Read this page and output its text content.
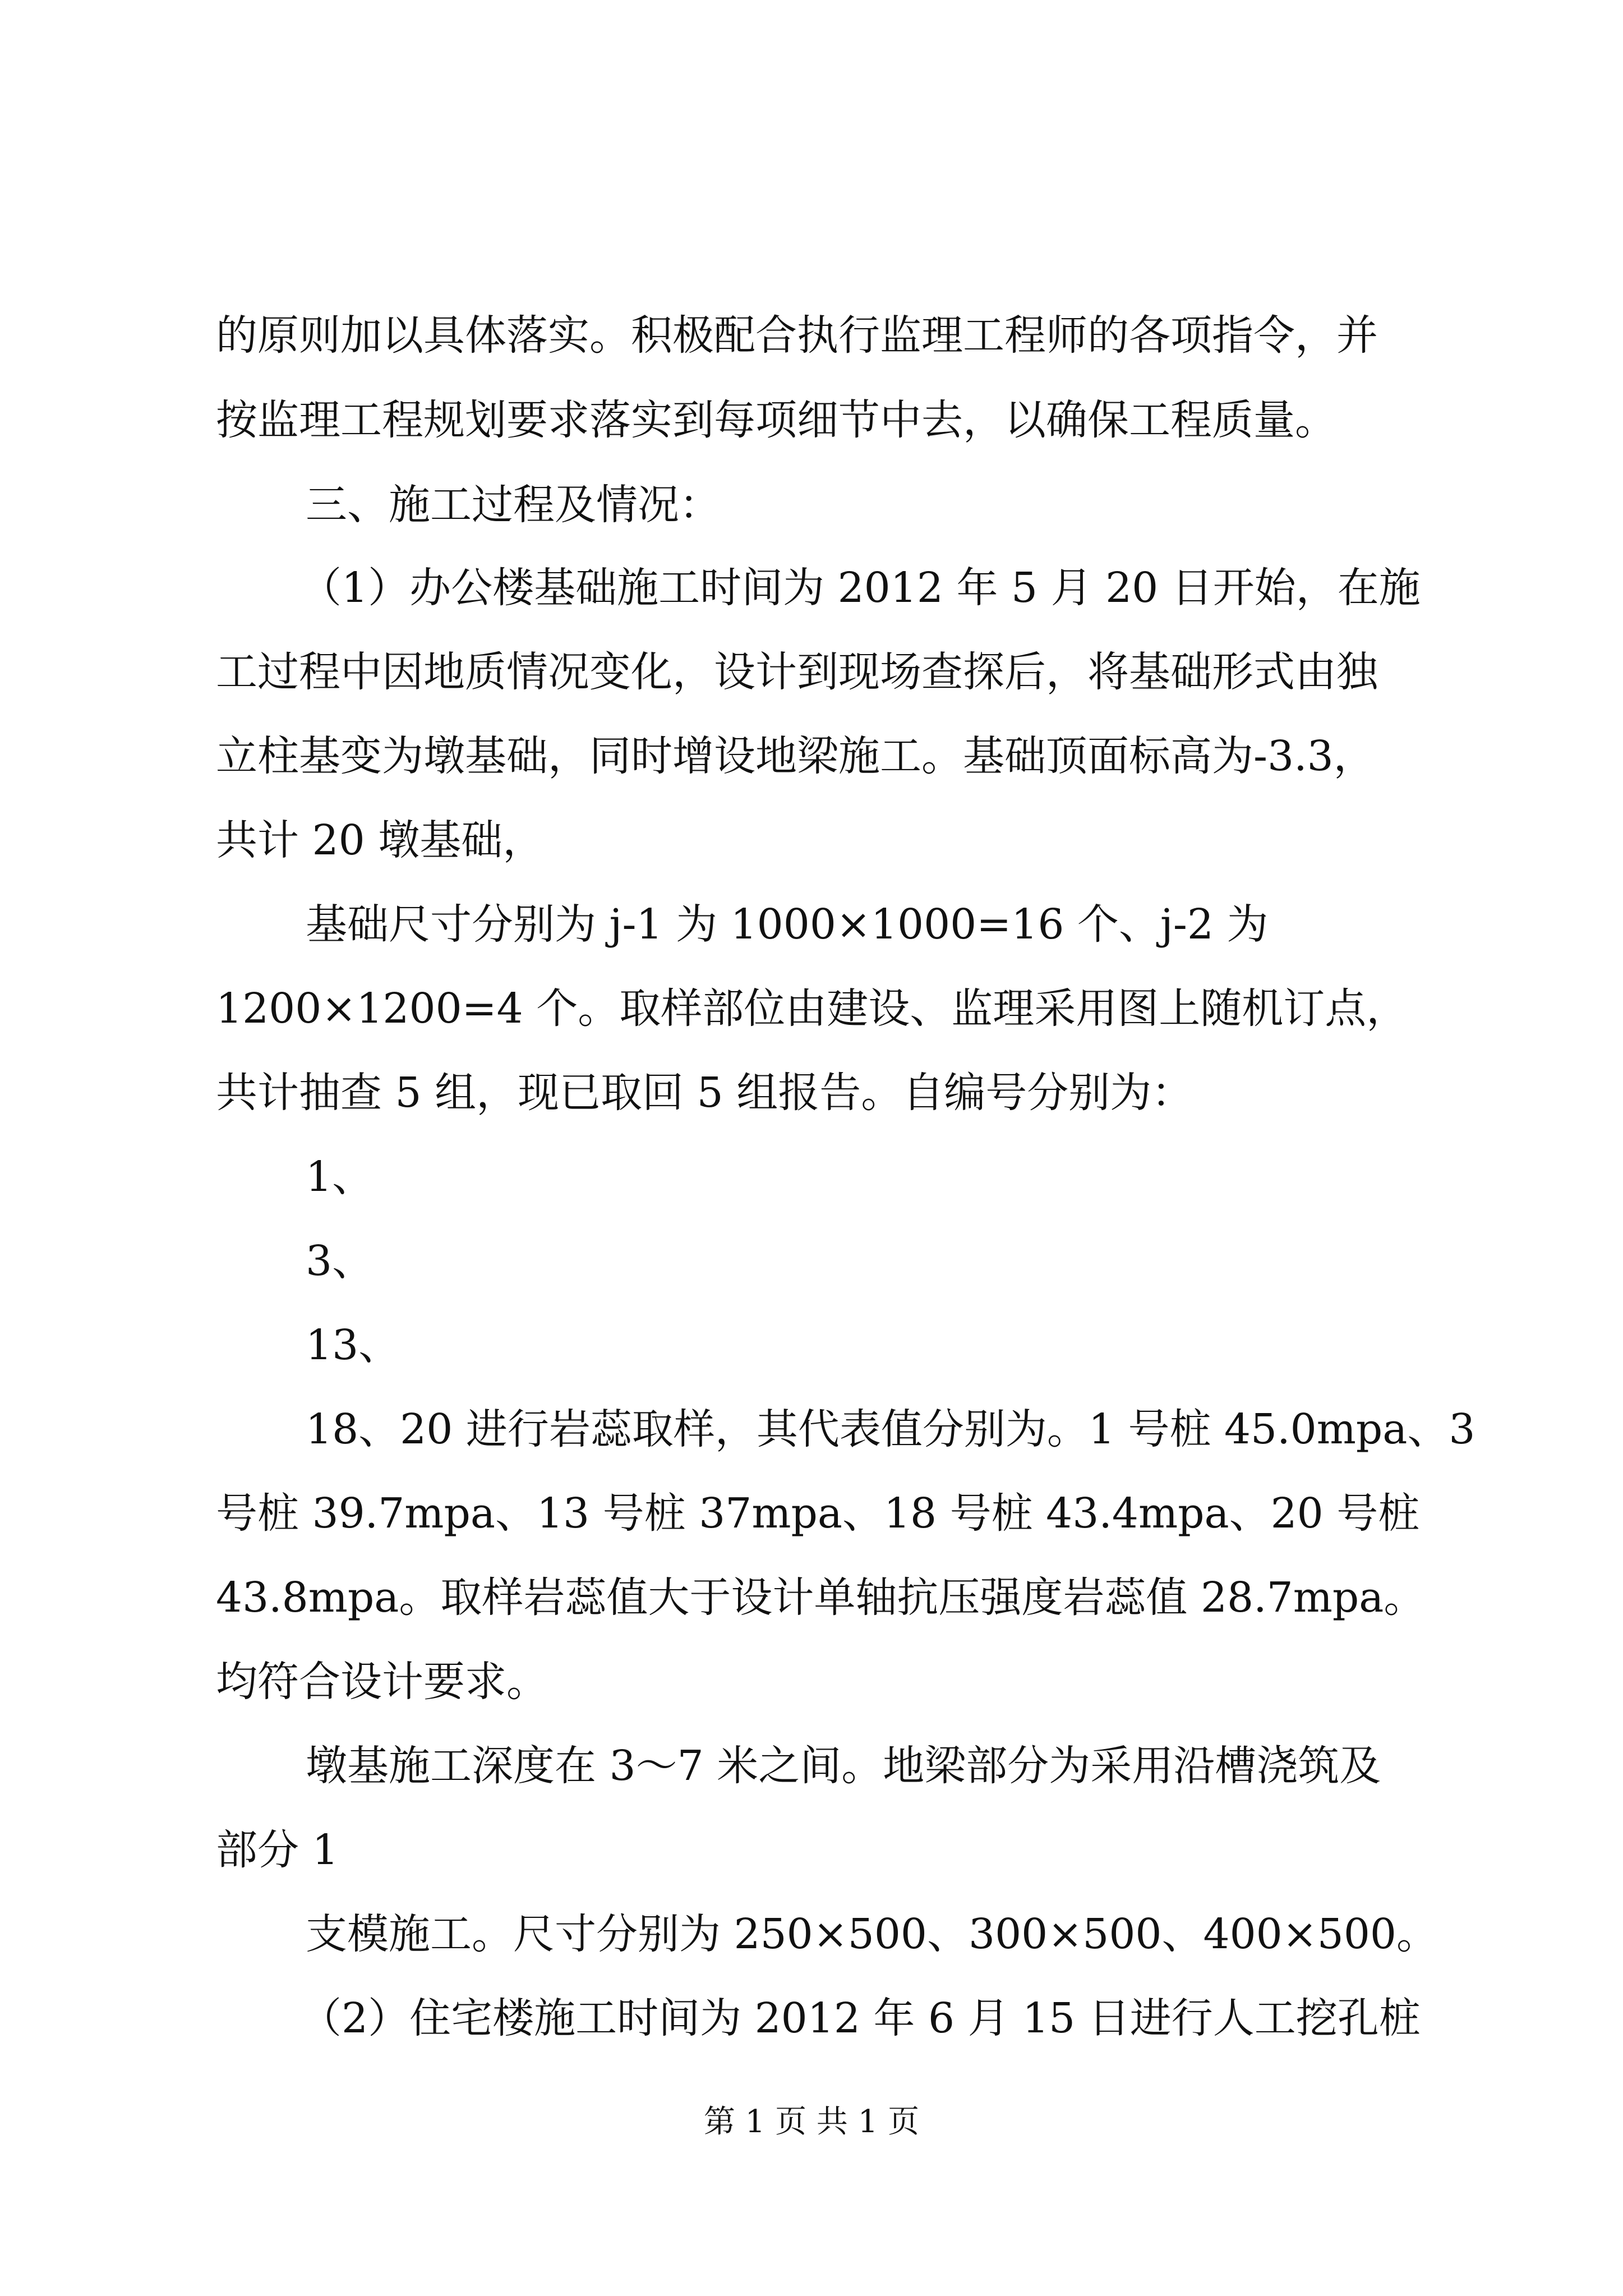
的原则加以具体落实。积极配合执行监理工程师的各项指令，并
按监理工程规划要求落实到每项细节中去，以确保工程质量。
三、施工过程及情况：
（1）办公楼基础施工时间为 2012 年 5 月 20 日开始，在施
工过程中因地质情况变化，设计到现场查探后，将基础形式由独
立柱基变为墩基础，同时增设地梁施工。基础顶面标高为-3.3，
共计 20 墩基础，
基础尺寸分别为 j-1 为 1000×1000=16 个、j-2 为
1200×1200=4 个。取样部位由建设、监理采用图上随机订点，
共计抽查 5 组，现已取回 5 组报告。自编号分别为：
1、
3、
13、
18、20 进行岩蕊取样，其代表值分别为。1 号桩 45.0mpa、3
号桩 39.7mpa、13 号桩 37mpa、18 号桩 43.4mpa、20 号桩
43.8mpa。取样岩蕊值大于设计单轴抗压强度岩蕊值 28.7mpa。
均符合设计要求。
墩基施工深度在 3～7 米之间。地梁部分为采用沿槽浇筑及
部分 1
支模施工。尺寸分别为 250×500、300×500、400×500。
（2）住宅楼施工时间为 2012 年 6 月 15 日进行人工挖孔桩
第 1 页 共 1 页
